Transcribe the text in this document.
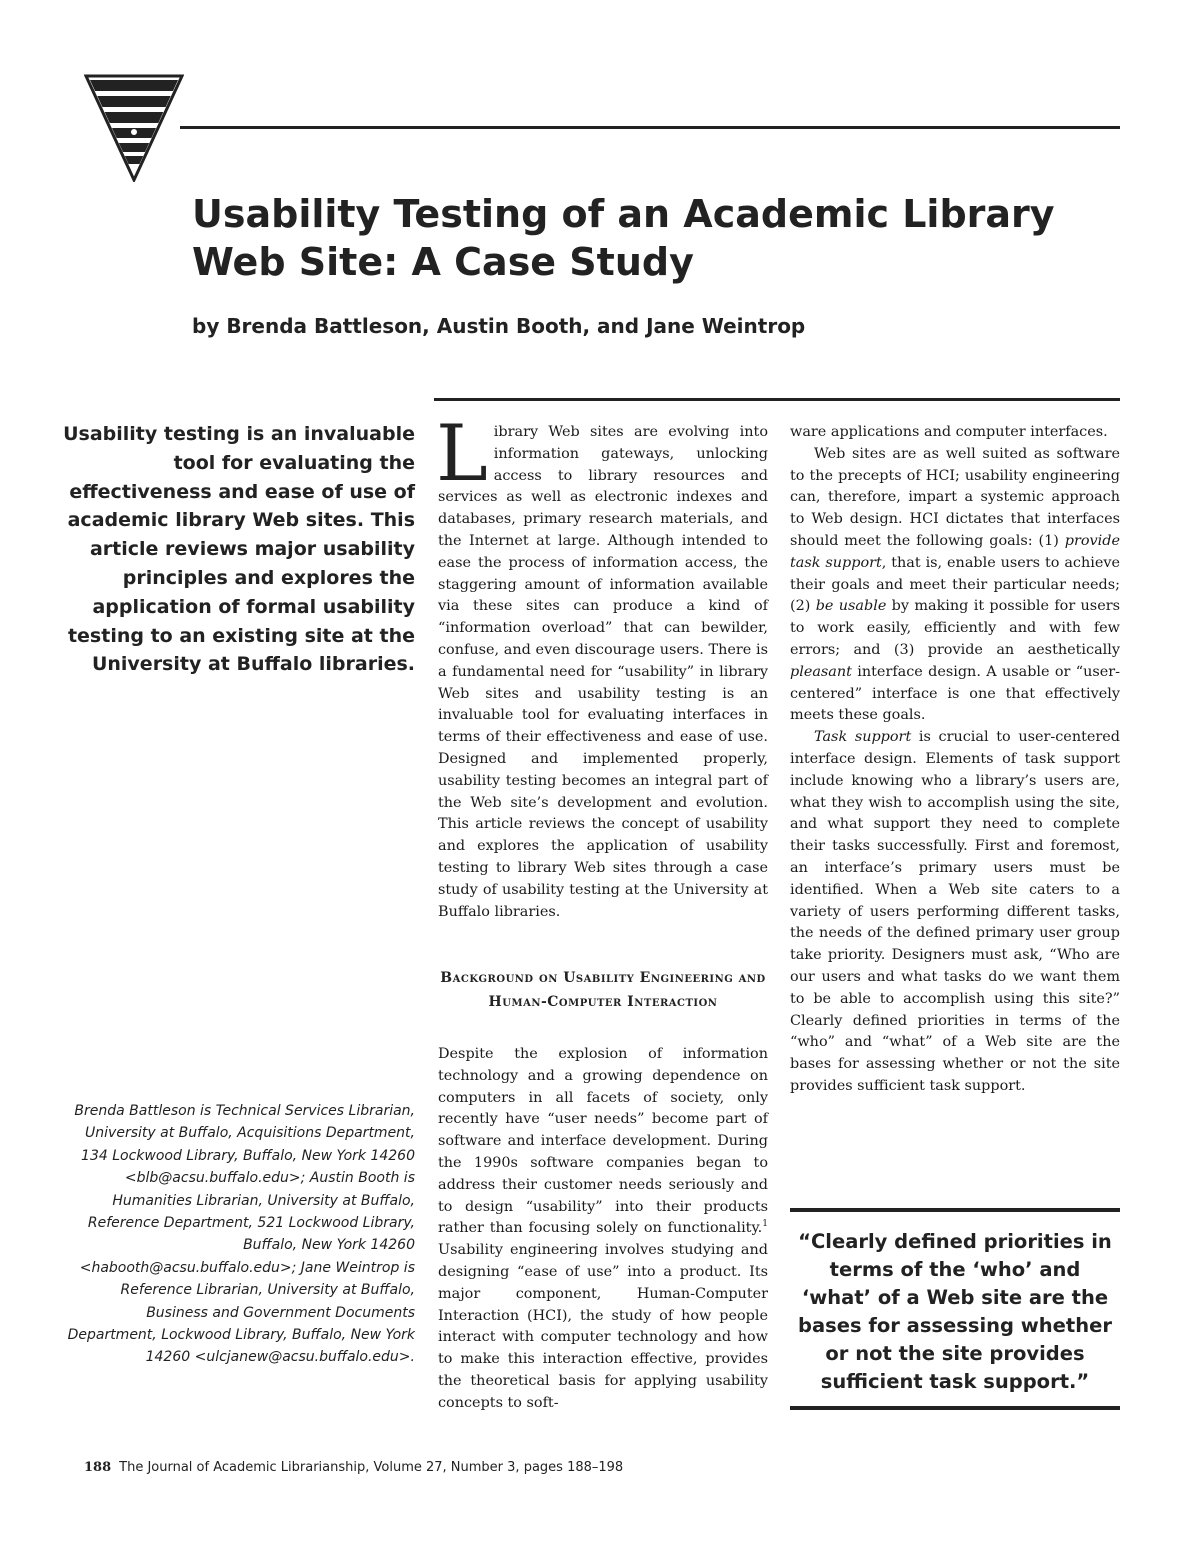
Usability Testing of an Academic Library Web Site: A Case Study

by Brenda Battleson, Austin Booth, and Jane Weintrop

Usability testing is an invaluable tool for evaluating the effectiveness and ease of use of academic library Web sites. This article reviews major usability principles and explores the application of formal usability testing to an existing site at the University at Buffalo libraries.

Brenda Battleson is Technical Services Librarian, University at Buffalo, Acquisitions Department, 134 Lockwood Library, Buffalo, New York 14260 <blb@acsu.buffalo.edu>; Austin Booth is Humanities Librarian, University at Buffalo, Reference Department, 521 Lockwood Library, Buffalo, New York 14260 <habooth@acsu.buffalo.edu>; Jane Weintrop is Reference Librarian, University at Buffalo, Business and Government Documents Department, Lockwood Library, Buffalo, New York 14260 <ulcjanew@acsu.buffalo.edu>.

Library Web sites are evolving into information gateways, unlocking access to library resources and services as well as electronic indexes and databases, primary research materials, and the Internet at large. Although intended to ease the process of information access, the staggering amount of information available via these sites can produce a kind of “information overload” that can bewilder, confuse, and even discourage users. There is a fundamental need for “usability” in library Web sites and usability testing is an invaluable tool for evaluating interfaces in terms of their effectiveness and ease of use. Designed and implemented properly, usability testing becomes an integral part of the Web site’s development and evolution. This article reviews the concept of usability and explores the application of usability testing to library Web sites through a case study of usability testing at the University at Buffalo libraries.

Background on Usability Engineering and Human-Computer Interaction

Despite the explosion of information technology and a growing dependence on computers in all facets of society, only recently have “user needs” become part of software and interface development. During the 1990s software companies began to address their customer needs seriously and to design “usability” into their products rather than focusing solely on functionality.$^1$ Usability engineering involves studying and designing “ease of use” into a product. Its major component, Human-Computer Interaction (HCI), the study of how people interact with computer technology and how to make this interaction effective, provides the theoretical basis for applying usability concepts to soft-

ware applications and computer interfaces.

Web sites are as well suited as software to the precepts of HCI; usability engineering can, therefore, impart a systemic approach to Web design. HCI dictates that interfaces should meet the following goals: (1) provide task support, that is, enable users to achieve their goals and meet their particular needs; (2) be usable by making it possible for users to work easily, efficiently and with few errors; and (3) provide an aesthetically pleasant interface design. A usable or “user-centered” interface is one that effectively meets these goals.

Task support is crucial to user-centered interface design. Elements of task support include knowing who a library’s users are, what they wish to accomplish using the site, and what support they need to complete their tasks successfully. First and foremost, an interface’s primary users must be identified. When a Web site caters to a variety of users performing different tasks, the needs of the defined primary user group take priority. Designers must ask, “Who are our users and what tasks do we want them to be able to accomplish using this site?” Clearly defined priorities in terms of the “who” and “what” of a Web site are the bases for assessing whether or not the site provides sufficient task support.

“Clearly defined priorities in terms of the ‘who’ and ‘what’ of a Web site are the bases for assessing whether or not the site provides sufficient task support.”

188 The Journal of Academic Librarianship, Volume 27, Number 3, pages 188–198
